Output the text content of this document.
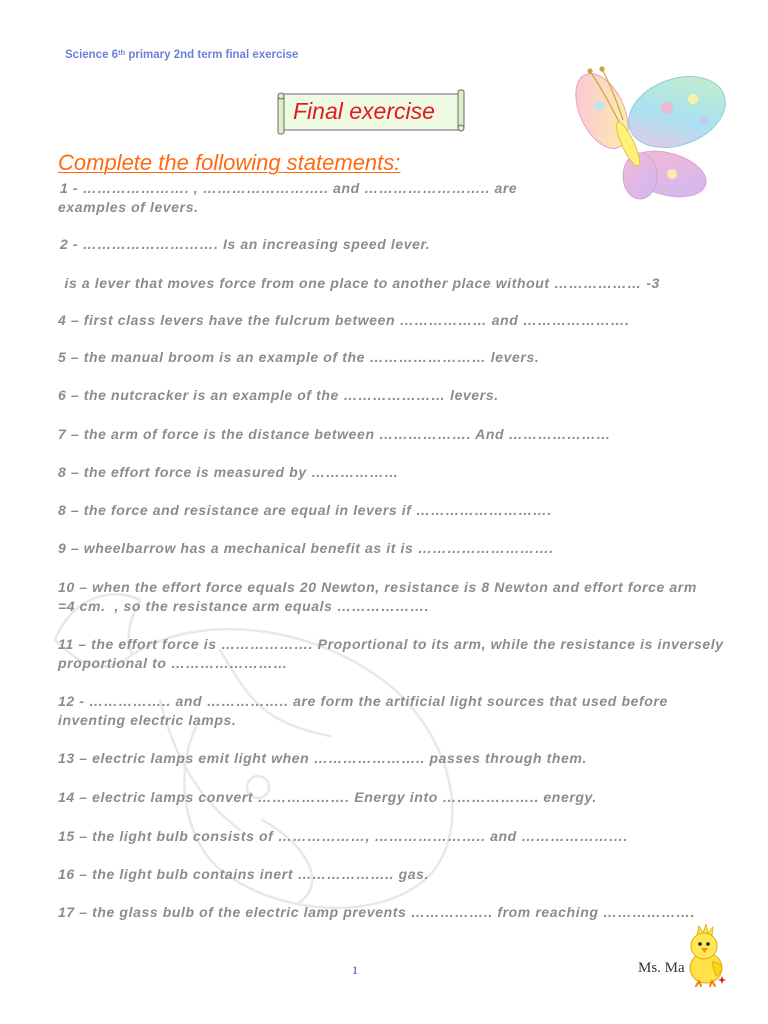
Science 6th primary 2nd term final exercise
Final exercise
Complete the following statements:
1 - …………………. , …………………….. and …………………….. are
examples of levers.
2 - ………………………. Is an increasing speed lever.
is a lever that moves force from one place to another place without ……………… -3
4 – first class levers have the fulcrum between ……………… and ………………….
5 – the manual broom is an example of the …………………… levers.
6 – the nutcracker is an example of the ………………… levers.
7 – the arm of force is the distance between ………………. And …………………
8 – the effort force is measured by ………………
8 – the force and resistance are equal in levers if ……………………….
9 – wheelbarrow has a mechanical benefit as it is ……………………….
10 – when the effort force equals 20 Newton, resistance is 8 Newton and effort force arm
=4 cm.  , so the resistance arm equals ……………….
11 – the effort force is ………………. Proportional to its arm, while the resistance is inversely
proportional to ……………………
12 - …………….. and …………….. are form the artificial light sources that used before
inventing electric lamps.
13 – electric lamps emit light when ………………….. passes through them.
14 – electric lamps convert ………………. Energy into ……………….. energy.
15 – the light bulb consists of ………………, ………………….. and ………………….
16 – the light bulb contains inert ……………….. gas.
17 – the glass bulb of the electric lamp prevents …………….. from reaching ……………….
1	Ms. Ma
